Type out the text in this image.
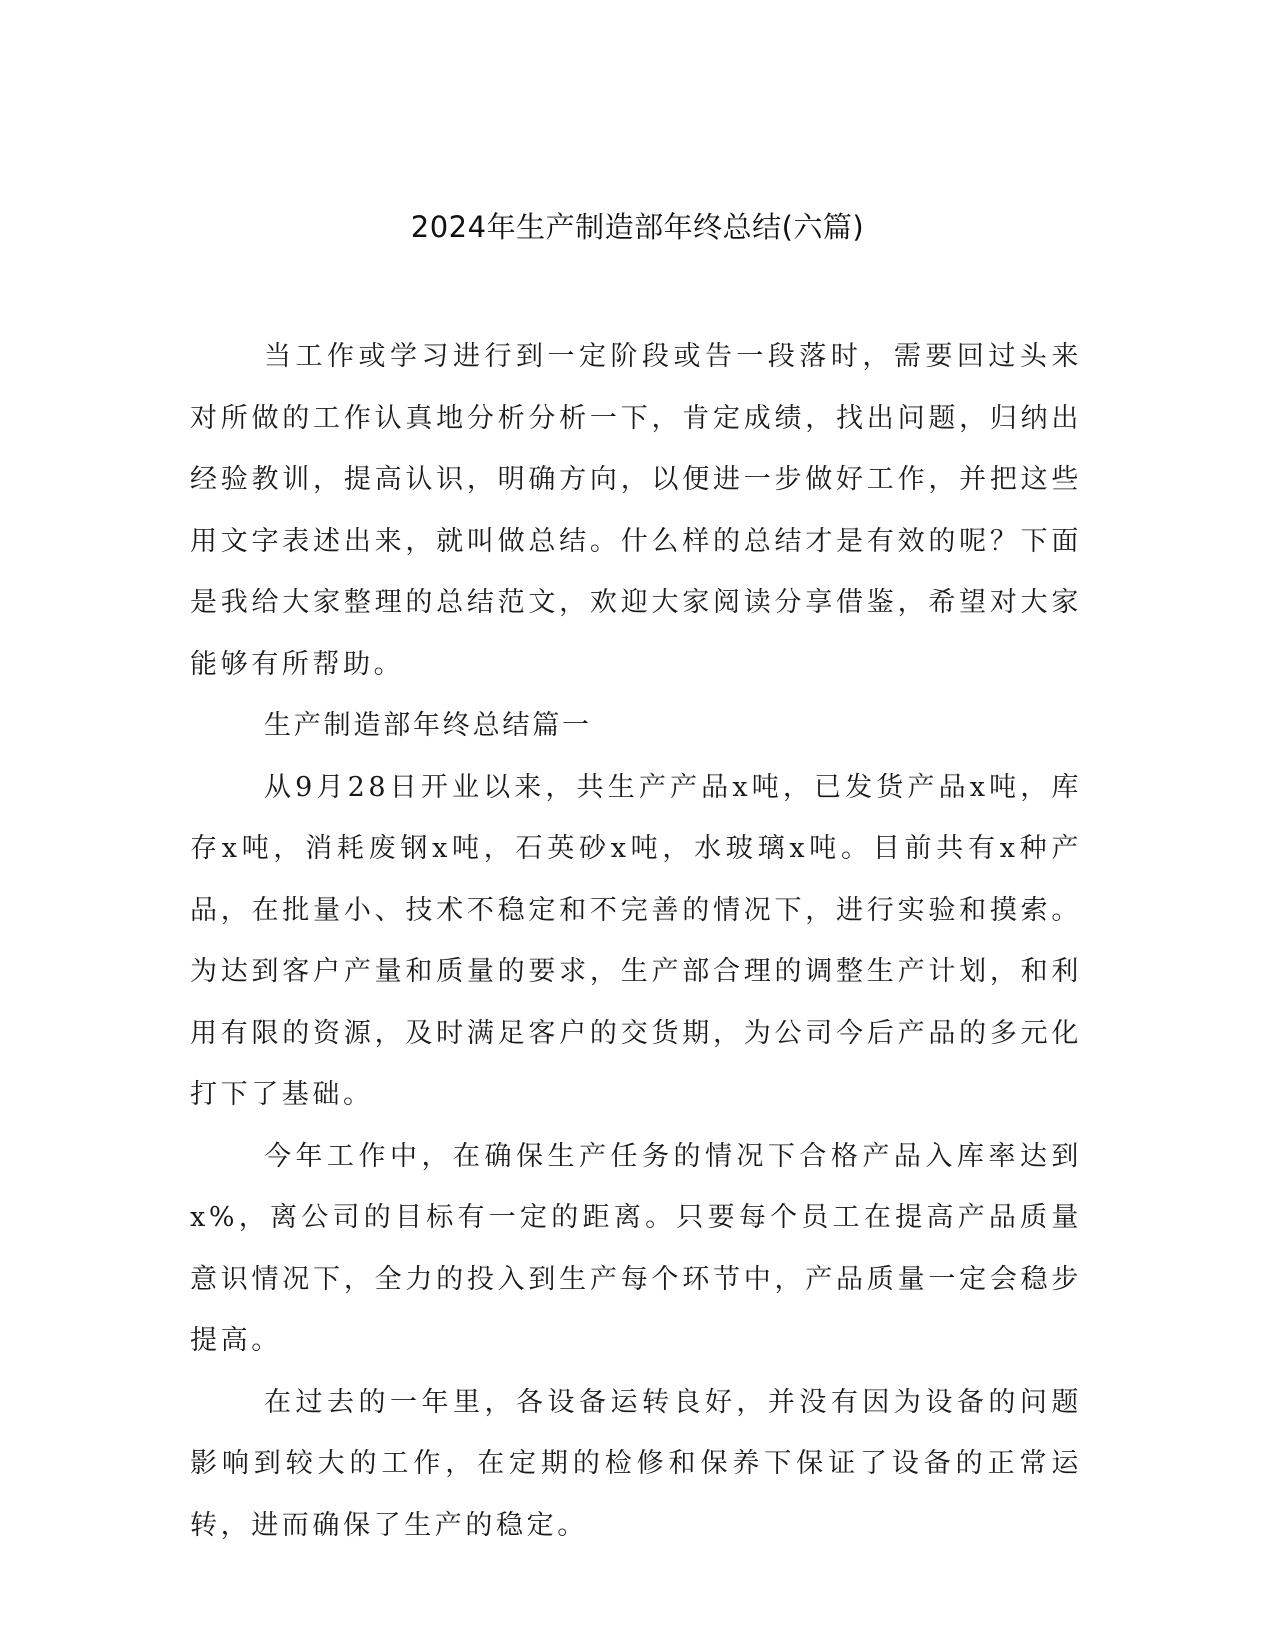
2024年生产制造部年终总结(六篇)

当工作或学习进行到一定阶段或告一段落时，需要回过头来对所做的工作认真地分析分析一下，肯定成绩，找出问题，归纳出经验教训，提高认识，明确方向，以便进一步做好工作，并把这些用文字表述出来，就叫做总结。什么样的总结才是有效的呢？下面是我给大家整理的总结范文，欢迎大家阅读分享借鉴，希望对大家能够有所帮助。

生产制造部年终总结篇一

从9月28日开业以来，共生产产品x吨，已发货产品x吨，库存x吨，消耗废钢x吨，石英砂x吨，水玻璃x吨。目前共有x种产品，在批量小、技术不稳定和不完善的情况下，进行实验和摸索。为达到客户产量和质量的要求，生产部合理的调整生产计划，和利用有限的资源，及时满足客户的交货期，为公司今后产品的多元化打下了基础。

今年工作中，在确保生产任务的情况下合格产品入库率达到x%，离公司的目标有一定的距离。只要每个员工在提高产品质量意识情况下，全力的投入到生产每个环节中，产品质量一定会稳步提高。

在过去的一年里，各设备运转良好，并没有因为设备的问题影响到较大的工作，在定期的检修和保养下保证了设备的正常运转，进而确保了生产的稳定。
